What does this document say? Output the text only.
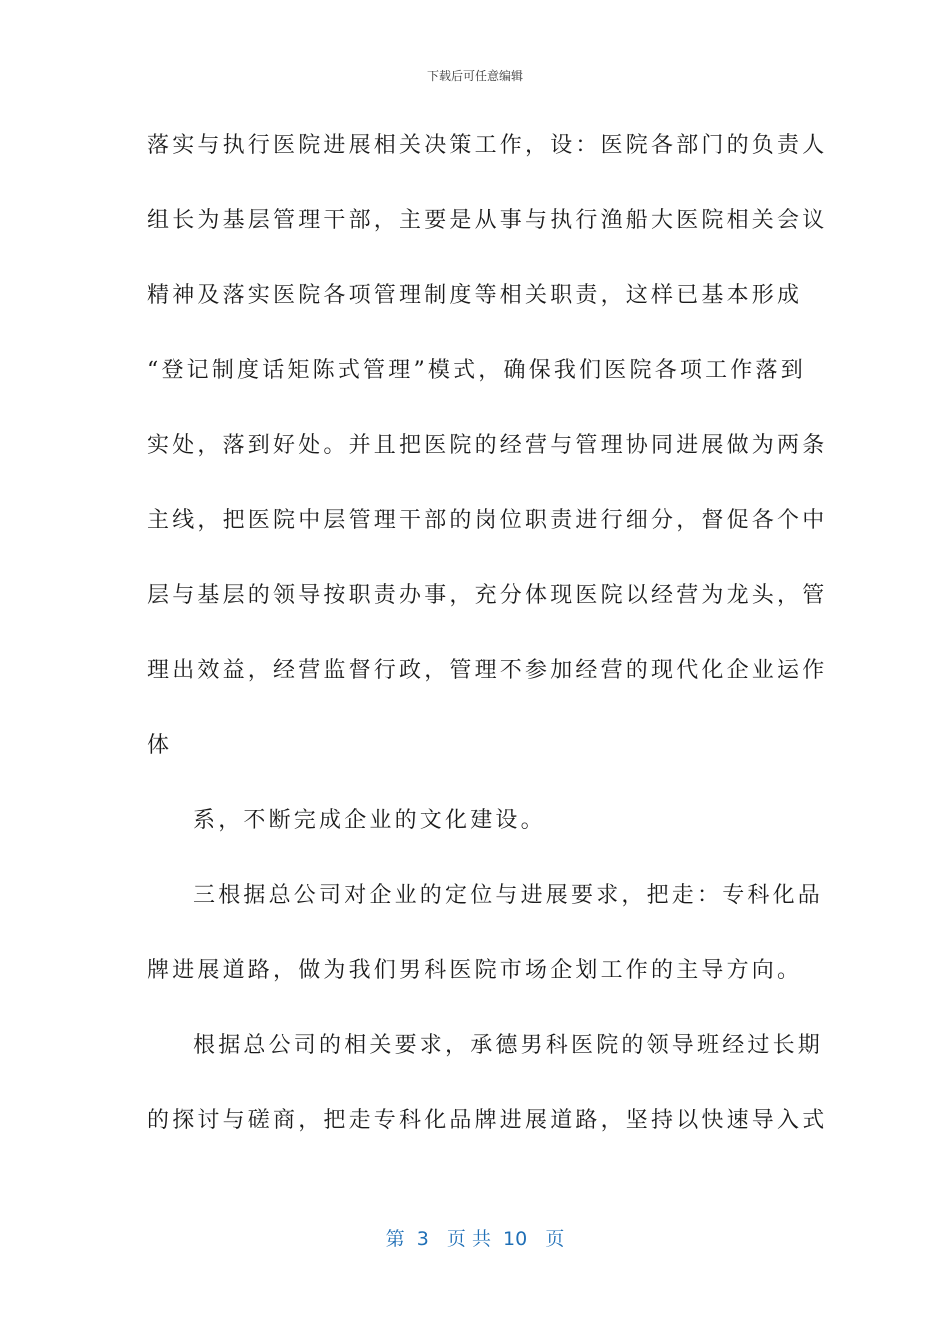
下载后可任意编辑
落实与执行医院进展相关决策工作，设：医院各部门的负责人
组长为基层管理干部，主要是从事与执行渔船大医院相关会议
精神及落实医院各项管理制度等相关职责，这样已基本形成
“登记制度话矩陈式管理”模式，确保我们医院各项工作落到
实处，落到好处。并且把医院的经营与管理协同进展做为两条
主线，把医院中层管理干部的岗位职责进行细分，督促各个中
层与基层的领导按职责办事，充分体现医院以经营为龙头，管
理出效益，经营监督行政，管理不参加经营的现代化企业运作
体
系，不断完成企业的文化建设。
三根据总公司对企业的定位与进展要求，把走：专科化品
牌进展道路，做为我们男科医院市场企划工作的主导方向。
根据总公司的相关要求，承德男科医院的领导班经过长期
的探讨与磋商，把走专科化品牌进展道路，坚持以快速导入式
第  3   页 共  10   页
